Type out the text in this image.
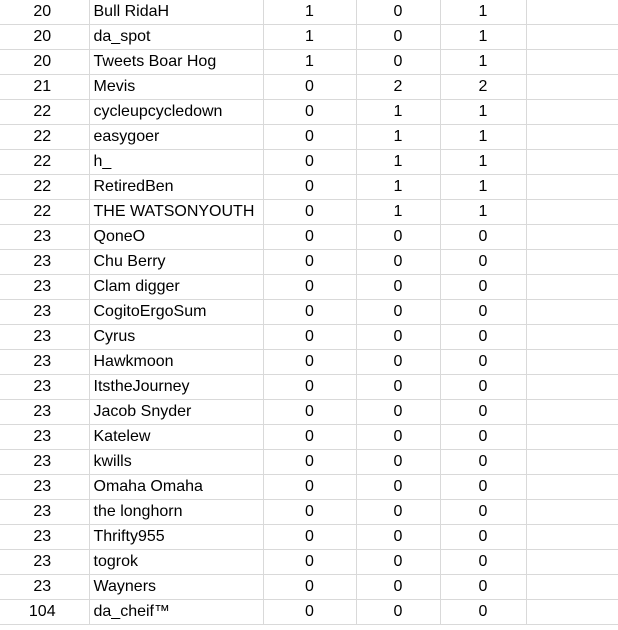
20	Bull RidaH	1	0	1	
20	da_spot	1	0	1	
20	Tweets Boar Hog	1	0	1	
21	Mevis	0	2	2	
22	cycleupcycledown	0	1	1	
22	easygoer	0	1	1	
22	h_	0	1	1	
22	RetiredBen	0	1	1	
22	THE WATSONYOUTH	0	1	1	
23	QoneO	0	0	0	
23	Chu Berry	0	0	0	
23	Clam digger	0	0	0	
23	CogitoErgoSum	0	0	0	
23	Cyrus	0	0	0	
23	Hawkmoon	0	0	0	
23	ItstheJourney	0	0	0	
23	Jacob Snyder	0	0	0	
23	Katelew	0	0	0	
23	kwills	0	0	0	
23	Omaha Omaha	0	0	0	
23	the longhorn	0	0	0	
23	Thrifty955	0	0	0	
23	togrok	0	0	0	
23	Wayners	0	0	0	
104	da_cheif™	0	0	0	
